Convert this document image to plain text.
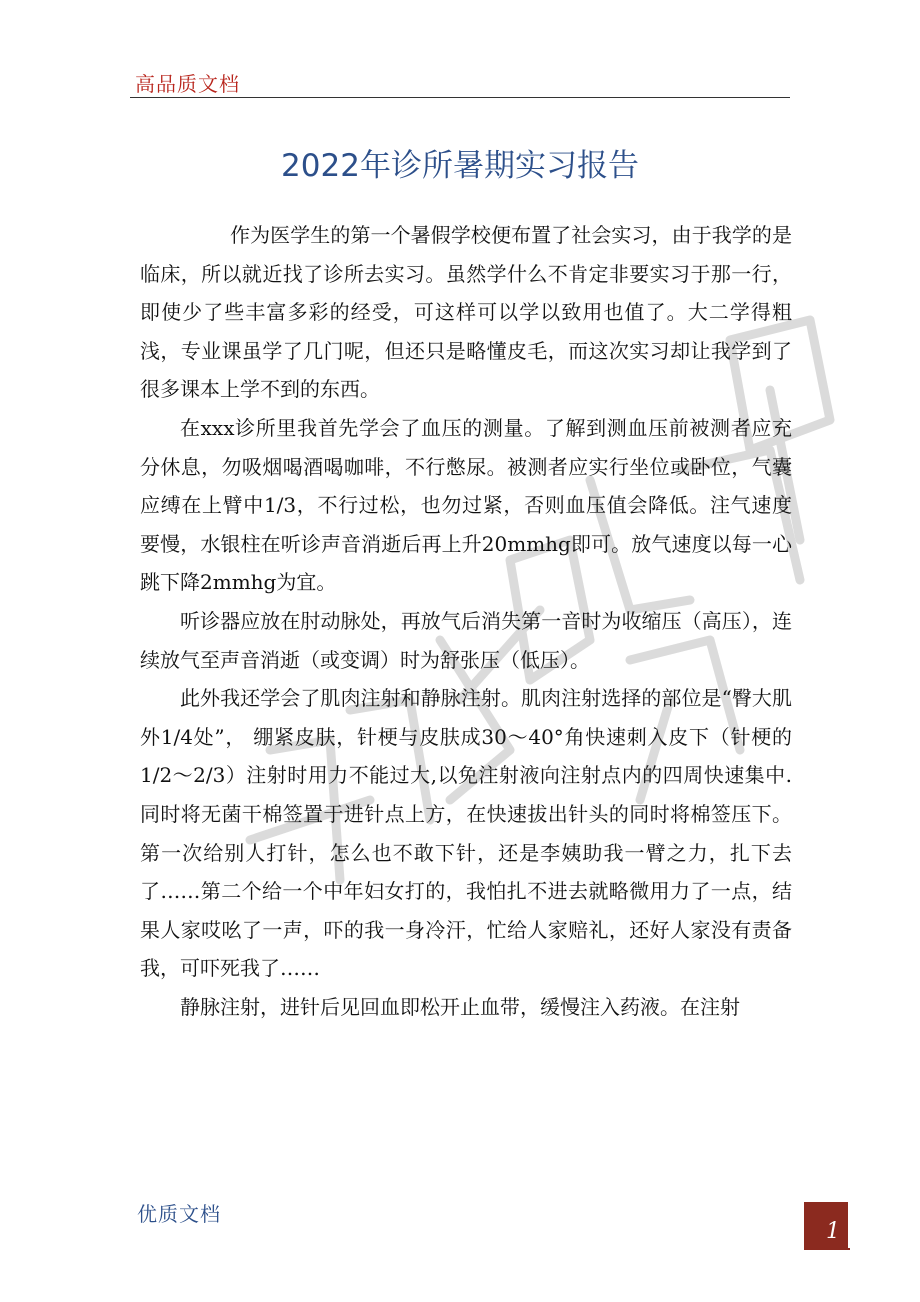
高品质文档
2022年诊所暑期实习报告

作为医学生的第一个暑假学校便布置了社会实习，由于我学的是临床，所以就近找了诊所去实习。虽然学什么不肯定非要实习于那一行，即使少了些丰富多彩的经受，可这样可以学以致用也值了。大二学得粗浅，专业课虽学了几门呢，但还只是略懂皮毛，而这次实习却让我学到了很多课本上学不到的东西。

在xxx诊所里我首先学会了血压的测量。了解到测血压前被测者应充分休息，勿吸烟喝酒喝咖啡，不行憋尿。被测者应实行坐位或卧位，气囊应缚在上臂中1/3，不行过松，也勿过紧，否则血压值会降低。注气速度要慢，水银柱在听诊声音消逝后再上升20mmhg即可。放气速度以每一心跳下降2mmhg为宜。

听诊器应放在肘动脉处，再放气后消失第一音时为收缩压（高压），连续放气至声音消逝（或变调）时为舒张压（低压）。

此外我还学会了肌肉注射和静脉注射。肌肉注射选择的部位是“臀大肌外1/4处”， 绷紧皮肤，针梗与皮肤成30～40°角快速刺入皮下（针梗的1/2～2/3）注射时用力不能过大,以免注射液向注射点内的四周快速集中. 同时将无菌干棉签置于进针点上方，在快速拔出针头的同时将棉签压下。第一次给别人打针，怎么也不敢下针，还是李姨助我一臂之力，扎下去了……第二个给一个中年妇女打的，我怕扎不进去就略微用力了一点，结果人家哎吆了一声，吓的我一身冷汗，忙给人家赔礼，还好人家没有责备我，可吓死我了……

静脉注射，进针后见回血即松开止血带，缓慢注入药液。在注射

优质文档
1
